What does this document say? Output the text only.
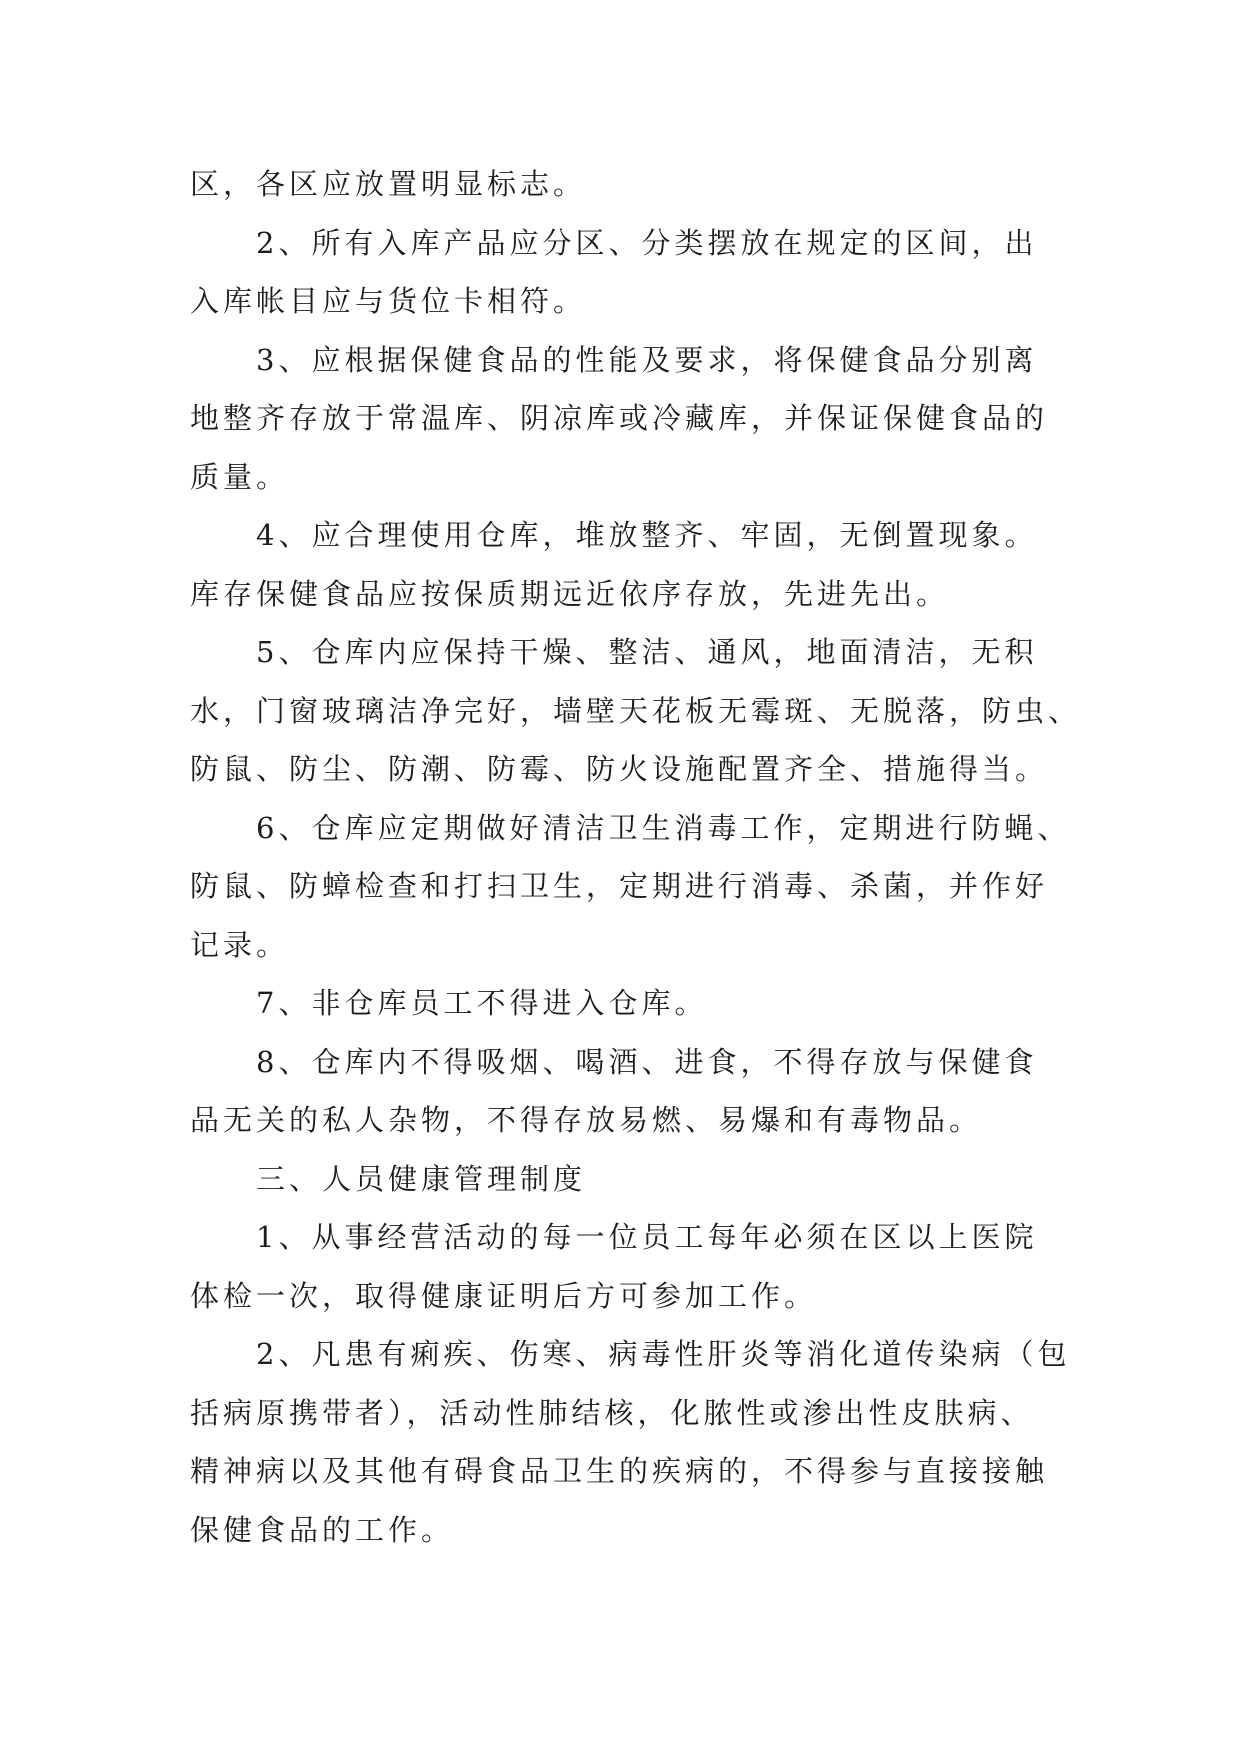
区，各区应放置明显标志。
2、所有入库产品应分区、分类摆放在规定的区间，出
入库帐目应与货位卡相符。
3、应根据保健食品的性能及要求，将保健食品分别离
地整齐存放于常温库、阴凉库或冷藏库，并保证保健食品的
质量。
4、应合理使用仓库，堆放整齐、牢固，无倒置现象。
库存保健食品应按保质期远近依序存放，先进先出。
5、仓库内应保持干燥、整洁、通风，地面清洁，无积
水，门窗玻璃洁净完好，墙壁天花板无霉斑、无脱落，防虫、
防鼠、防尘、防潮、防霉、防火设施配置齐全、措施得当。
6、仓库应定期做好清洁卫生消毒工作，定期进行防蝇、
防鼠、防蟑检查和打扫卫生，定期进行消毒、杀菌，并作好
记录。
7、非仓库员工不得进入仓库。
8、仓库内不得吸烟、喝酒、进食，不得存放与保健食
品无关的私人杂物，不得存放易燃、易爆和有毒物品。
三、人员健康管理制度
1、从事经营活动的每一位员工每年必须在区以上医院
体检一次，取得健康证明后方可参加工作。
2、凡患有痢疾、伤寒、病毒性肝炎等消化道传染病（包
括病原携带者），活动性肺结核，化脓性或渗出性皮肤病、
精神病以及其他有碍食品卫生的疾病的，不得参与直接接触
保健食品的工作。
